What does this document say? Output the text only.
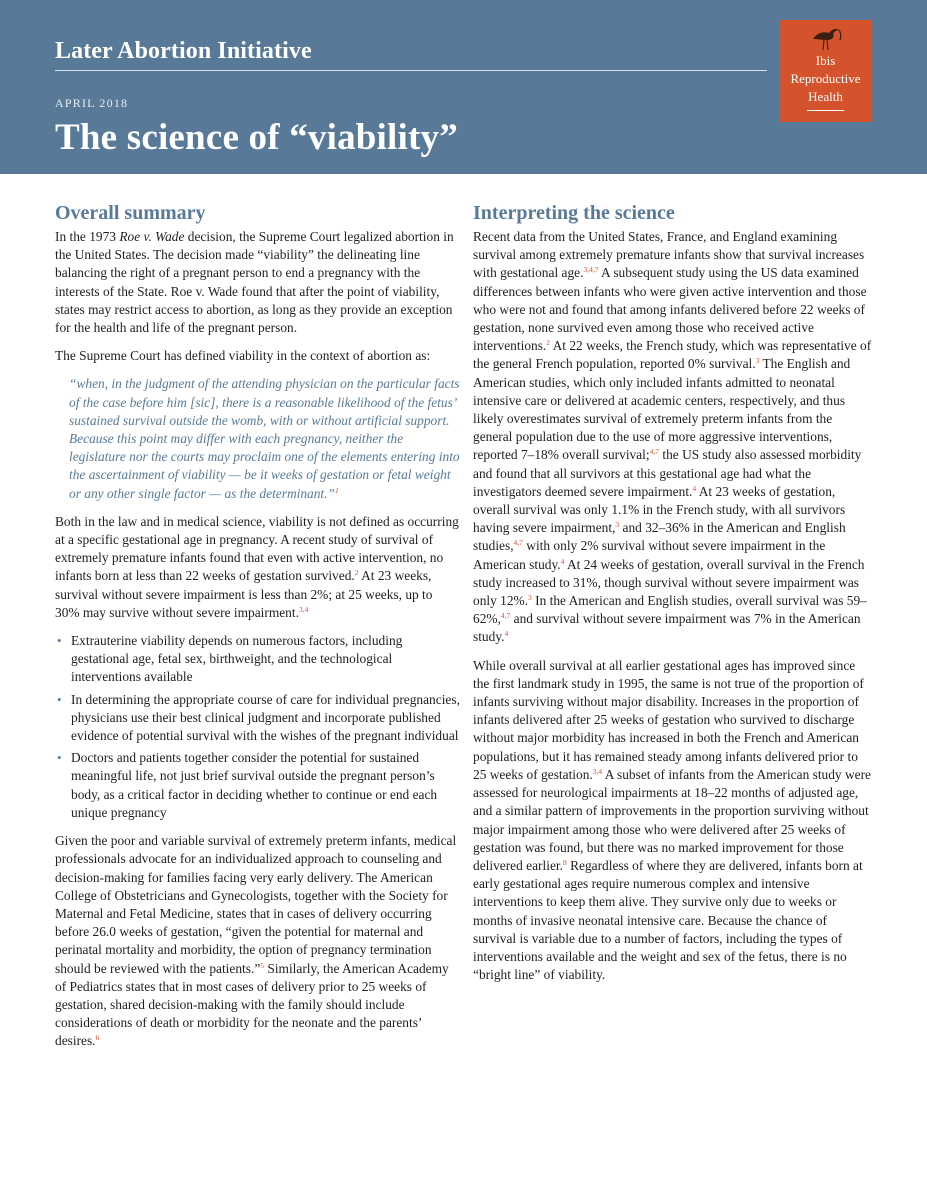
Later Abortion Initiative
APRIL 2018
The science of “viability”
Ibis
Reproductive
Health
Overall summary

In the 1973 Roe v. Wade decision, the Supreme Court legalized abortion in the United States. The decision made “viability” the delineating line balancing the right of a pregnant person to end a pregnancy with the interests of the State. Roe v. Wade found that after the point of viability, states may restrict access to abortion, as long as they provide an exception for the health and life of the pregnant person.

The Supreme Court has defined viability in the context of abortion as:

“when, in the judgment of the attending physician on the particular facts of the case before him [sic], there is a reasonable likelihood of the fetus’ sustained survival outside the womb, with or without artificial support. Because this point may differ with each pregnancy, neither the legislature nor the courts may proclaim one of the elements entering into the ascertainment of viability — be it weeks of gestation or fetal weight or any other single factor — as the determinant.”$^1$

Both in the law and in medical science, viability is not defined as occurring at a specific gestational age in pregnancy. A recent study of survival of extremely premature infants found that even with active intervention, no infants born at less than 22 weeks of gestation survived.$^2$ At 23 weeks, survival without severe impairment is less than 2%; at 25 weeks, up to 30% may survive without severe impairment.$^{3,4}$

• Extrauterine viability depends on numerous factors, including gestational age, fetal sex, birthweight, and the technological interventions available
• In determining the appropriate course of care for individual pregnancies, physicians use their best clinical judgment and incorporate published evidence of potential survival with the wishes of the pregnant individual
• Doctors and patients together consider the potential for sustained meaningful life, not just brief survival outside the pregnant person’s body, as a critical factor in deciding whether to continue or end each unique pregnancy

Given the poor and variable survival of extremely preterm infants, medical professionals advocate for an individualized approach to counseling and decision-making for families facing very early delivery. The American College of Obstetricians and Gynecologists, together with the Society for Maternal and Fetal Medicine, states that in cases of delivery occurring before 26.0 weeks of gestation, “given the potential for maternal and perinatal mortality and morbidity, the option of pregnancy termination should be reviewed with the patients.”$^5$ Similarly, the American Academy of Pediatrics states that in most cases of delivery prior to 25 weeks of gestation, shared decision-making with the family should include considerations of death or morbidity for the neonate and the parents’ desires.$^6$

Interpreting the science

Recent data from the United States, France, and England examining survival among extremely premature infants show that survival increases with gestational age.$^{3,4,7}$ A subsequent study using the US data examined differences between infants who were given active intervention and those who were not and found that among infants delivered before 22 weeks of gestation, none survived even among those who received active interventions.$^2$ At 22 weeks, the French study, which was representative of the general French population, reported 0% survival.$^3$ The English and American studies, which only included infants admitted to neonatal intensive care or delivered at academic centers, respectively, and thus likely overestimates survival of extremely preterm infants from the general population due to the use of more aggressive interventions, reported 7–18% overall survival;$^{4,7}$ the US study also assessed morbidity and found that all survivors at this gestational age had what the investigators deemed severe impairment.$^4$ At 23 weeks of gestation, overall survival was only 1.1% in the French study, with all survivors having severe impairment,$^3$ and 32–36% in the American and English studies,$^{4,7}$ with only 2% survival without severe impairment in the American study.$^4$ At 24 weeks of gestation, overall survival in the French study increased to 31%, though survival without severe impairment was only 12%.$^3$ In the American and English studies, overall survival was 59–62%,$^{4,7}$ and survival without severe impairment was 7% in the American study.$^4$

While overall survival at all earlier gestational ages has improved since the first landmark study in 1995, the same is not true of the proportion of infants surviving without major disability. Increases in the proportion of infants delivered after 25 weeks of gestation who survived to discharge without major morbidity has increased in both the French and American populations, but it has remained steady among infants delivered prior to 25 weeks of gestation.$^{3,4}$ A subset of infants from the American study were assessed for neurological impairments at 18–22 months of adjusted age, and a similar pattern of improvements in the proportion surviving without major impairment among those who were delivered after 25 weeks of gestation was found, but there was no marked improvement for those delivered earlier.$^8$ Regardless of where they are delivered, infants born at early gestational ages require numerous complex and intensive interventions to keep them alive. They survive only due to weeks or months of invasive neonatal intensive care. Because the chance of survival is variable due to a number of factors, including the types of interventions available and the weight and sex of the fetus, there is no “bright line” of viability.
